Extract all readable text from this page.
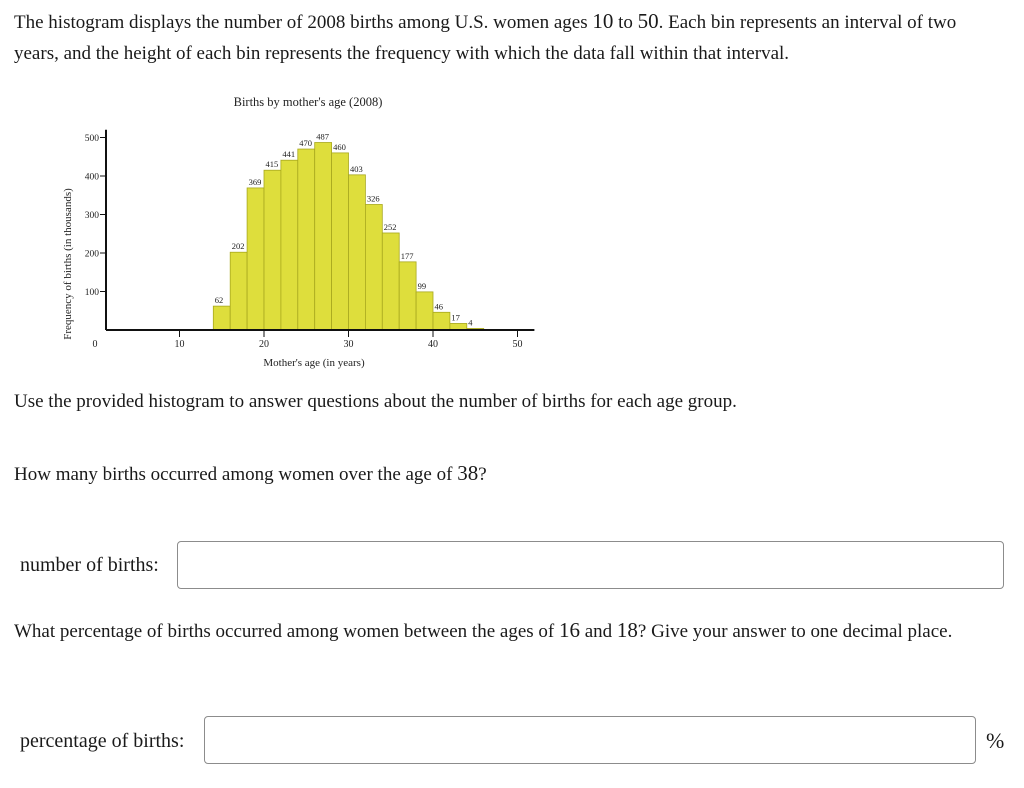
The histogram displays the number of 2008 births among U.S. women ages 10 to 50. Each bin represents an interval of two years, and the height of each bin represents the frequency with which the data fall within that interval.

Births by mother's age (2008)
62
202
369
415
441
470
487
460
403
326
252
177
99
46
17
4
100
200
300
400
500
0	10	20	30	40	50
Mother's age (in years)
Frequency of births (in thousands)

Use the provided histogram to answer questions about the number of births for each age group.

How many births occurred among women over the age of 38?

number of births:

What percentage of births occurred among women between the ages of 16 and 18? Give your answer to one decimal place.

percentage of births:	%
